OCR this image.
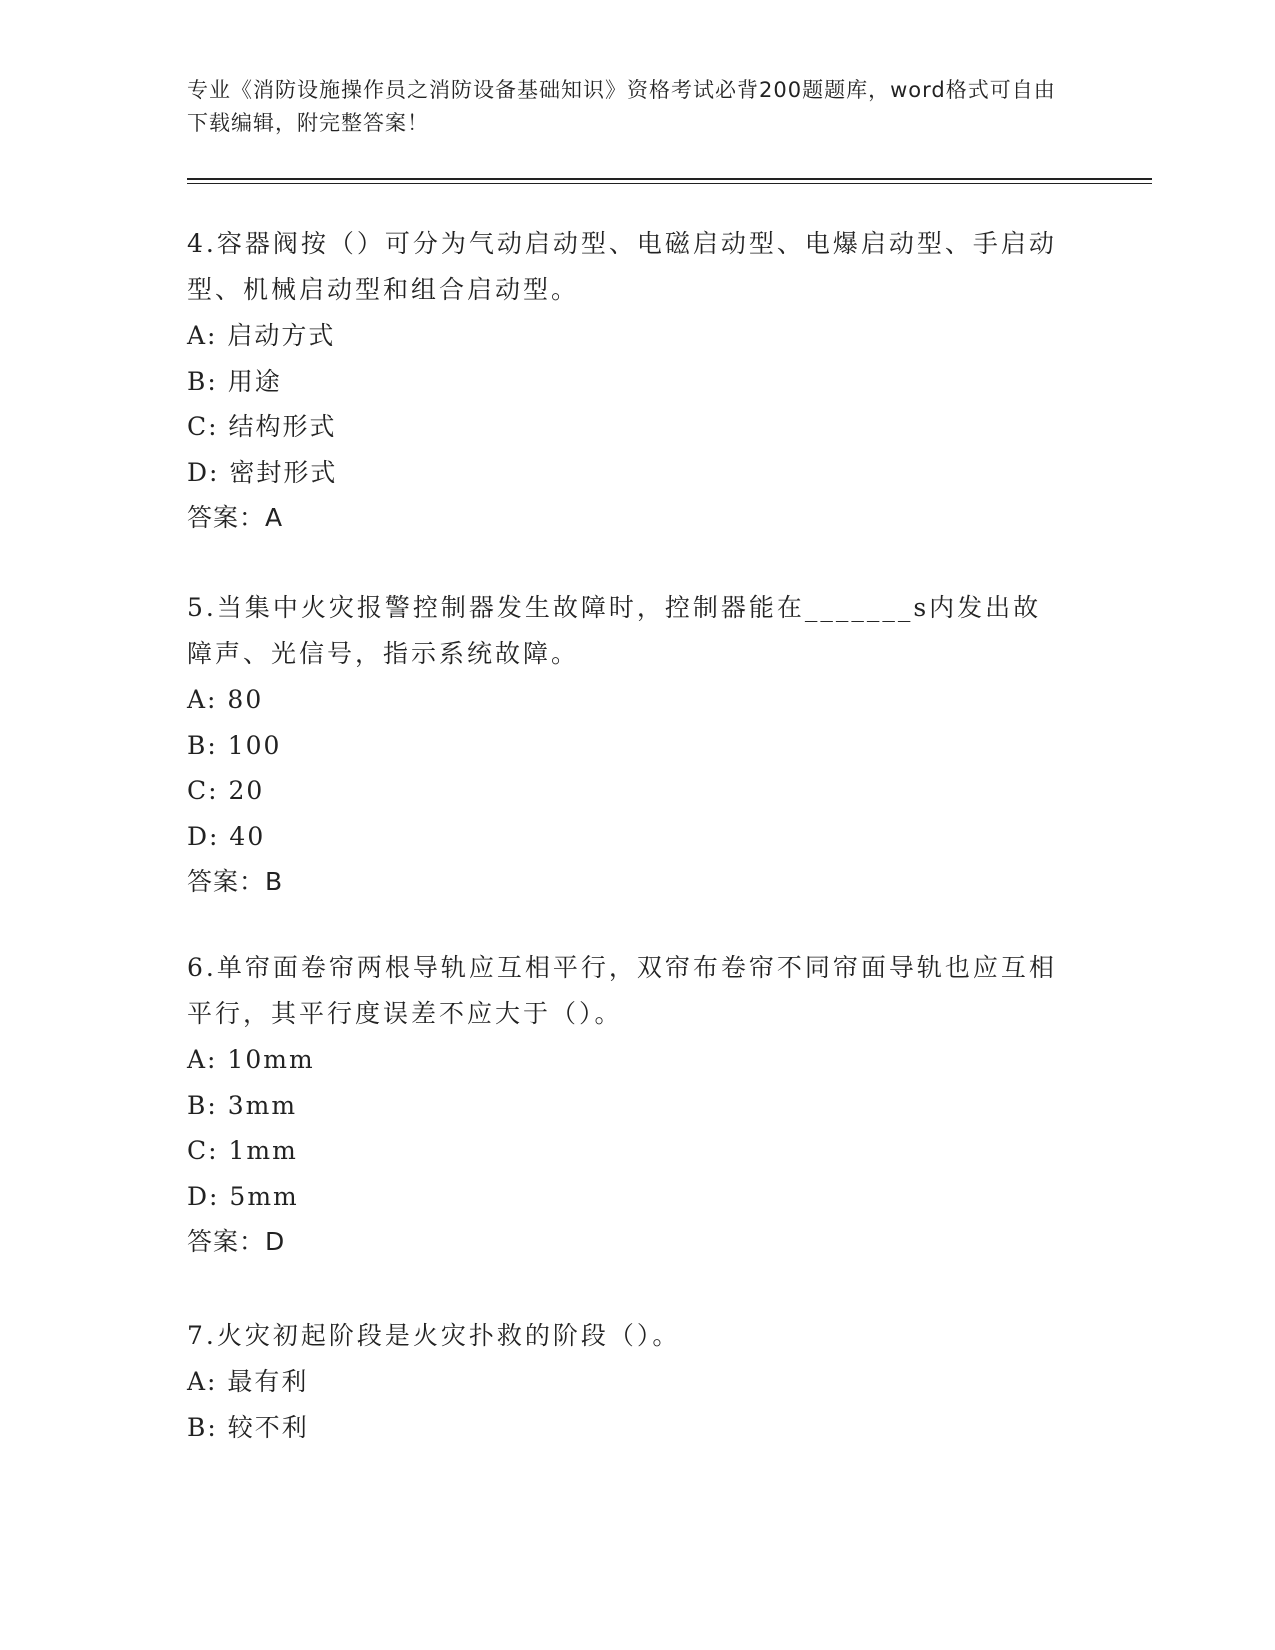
专业《消防设施操作员之消防设备基础知识》资格考试必背200题题库，word格式可自由下载编辑，附完整答案！
4.容器阀按（）可分为气动启动型、电磁启动型、电爆启动型、手启动型、机械启动型和组合启动型。
A: 启动方式
B: 用途
C: 结构形式
D: 密封形式
答案：A
5.当集中火灾报警控制器发生故障时，控制器能在_______s内发出故障声、光信号，指示系统故障。
A: 80
B: 100
C: 20
D: 40
答案：B
6.单帘面卷帘两根导轨应互相平行，双帘布卷帘不同帘面导轨也应互相平行，其平行度误差不应大于（）。
A: 10mm
B: 3mm
C: 1mm
D: 5mm
答案：D
7.火灾初起阶段是火灾扑救的阶段（）。
A: 最有利
B: 较不利
